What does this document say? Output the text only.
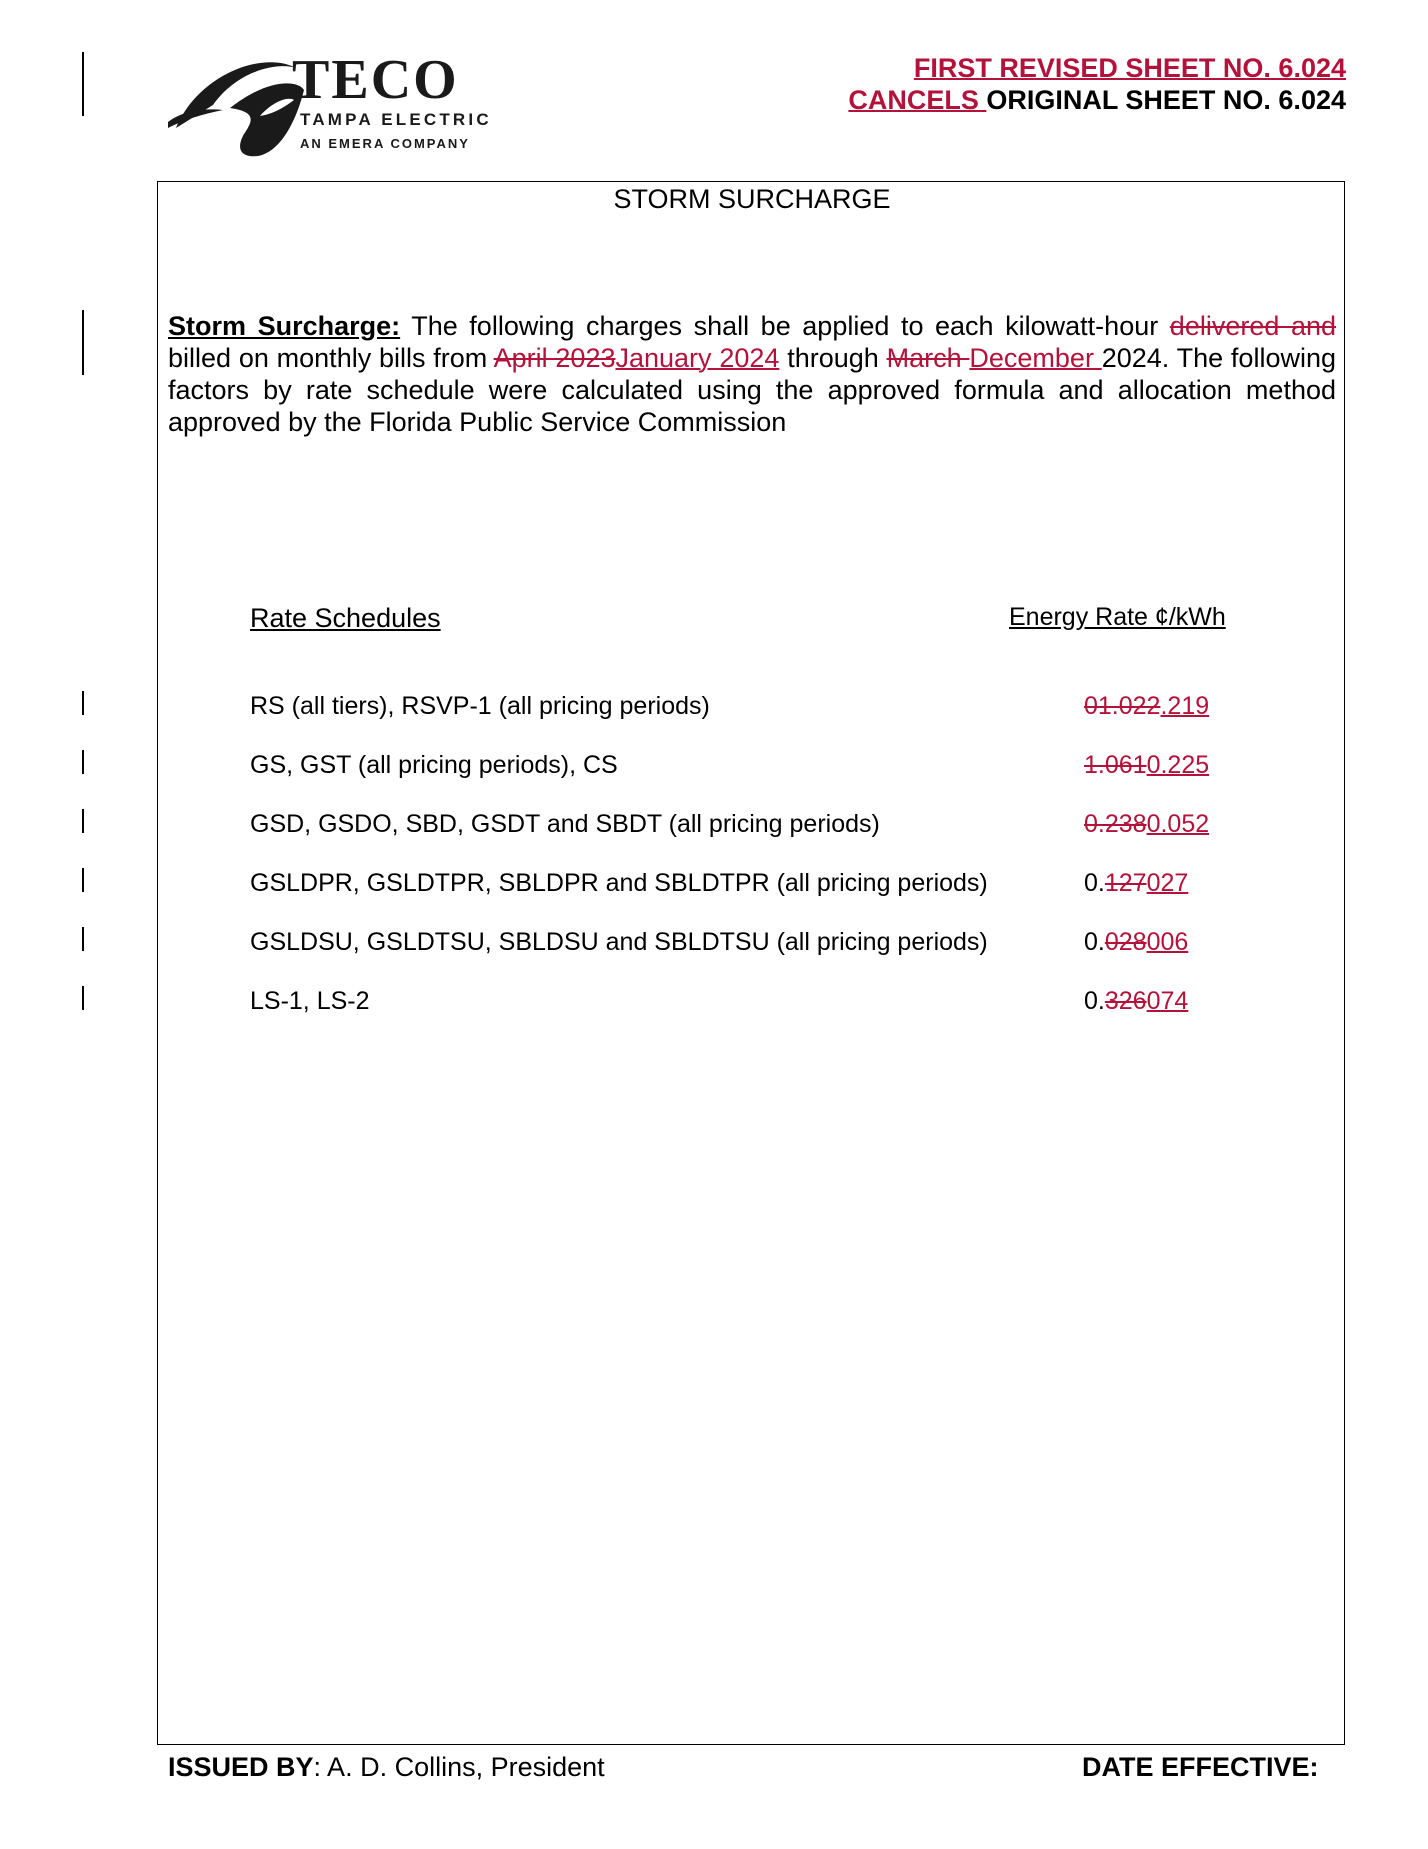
TECO
TAMPA ELECTRIC
AN EMERA COMPANY
FIRST REVISED SHEET NO. 6.024
CANCELS ORIGINAL SHEET NO. 6.024
STORM SURCHARGE
Storm Surcharge: The following charges shall be applied to each kilowatt-hour delivered and billed on monthly bills from April 2023January 2024 through March December 2024. The following factors by rate schedule were calculated using the approved formula and allocation method approved by the Florida Public Service Commission
Rate Schedules	Energy Rate ¢/kWh
RS (all tiers), RSVP-1 (all pricing periods)	01.022.219
GS, GST (all pricing periods), CS	1.0610.225
GSD, GSDO, SBD, GSDT and SBDT (all pricing periods)	0.2380.052
GSLDPR, GSLDTPR, SBLDPR and SBLDTPR (all pricing periods)	0.127027
GSLDSU, GSLDTSU, SBLDSU and SBLDTSU (all pricing periods)	0.028006
LS-1, LS-2	0.326074
ISSUED BY: A. D. Collins, President	DATE EFFECTIVE:
